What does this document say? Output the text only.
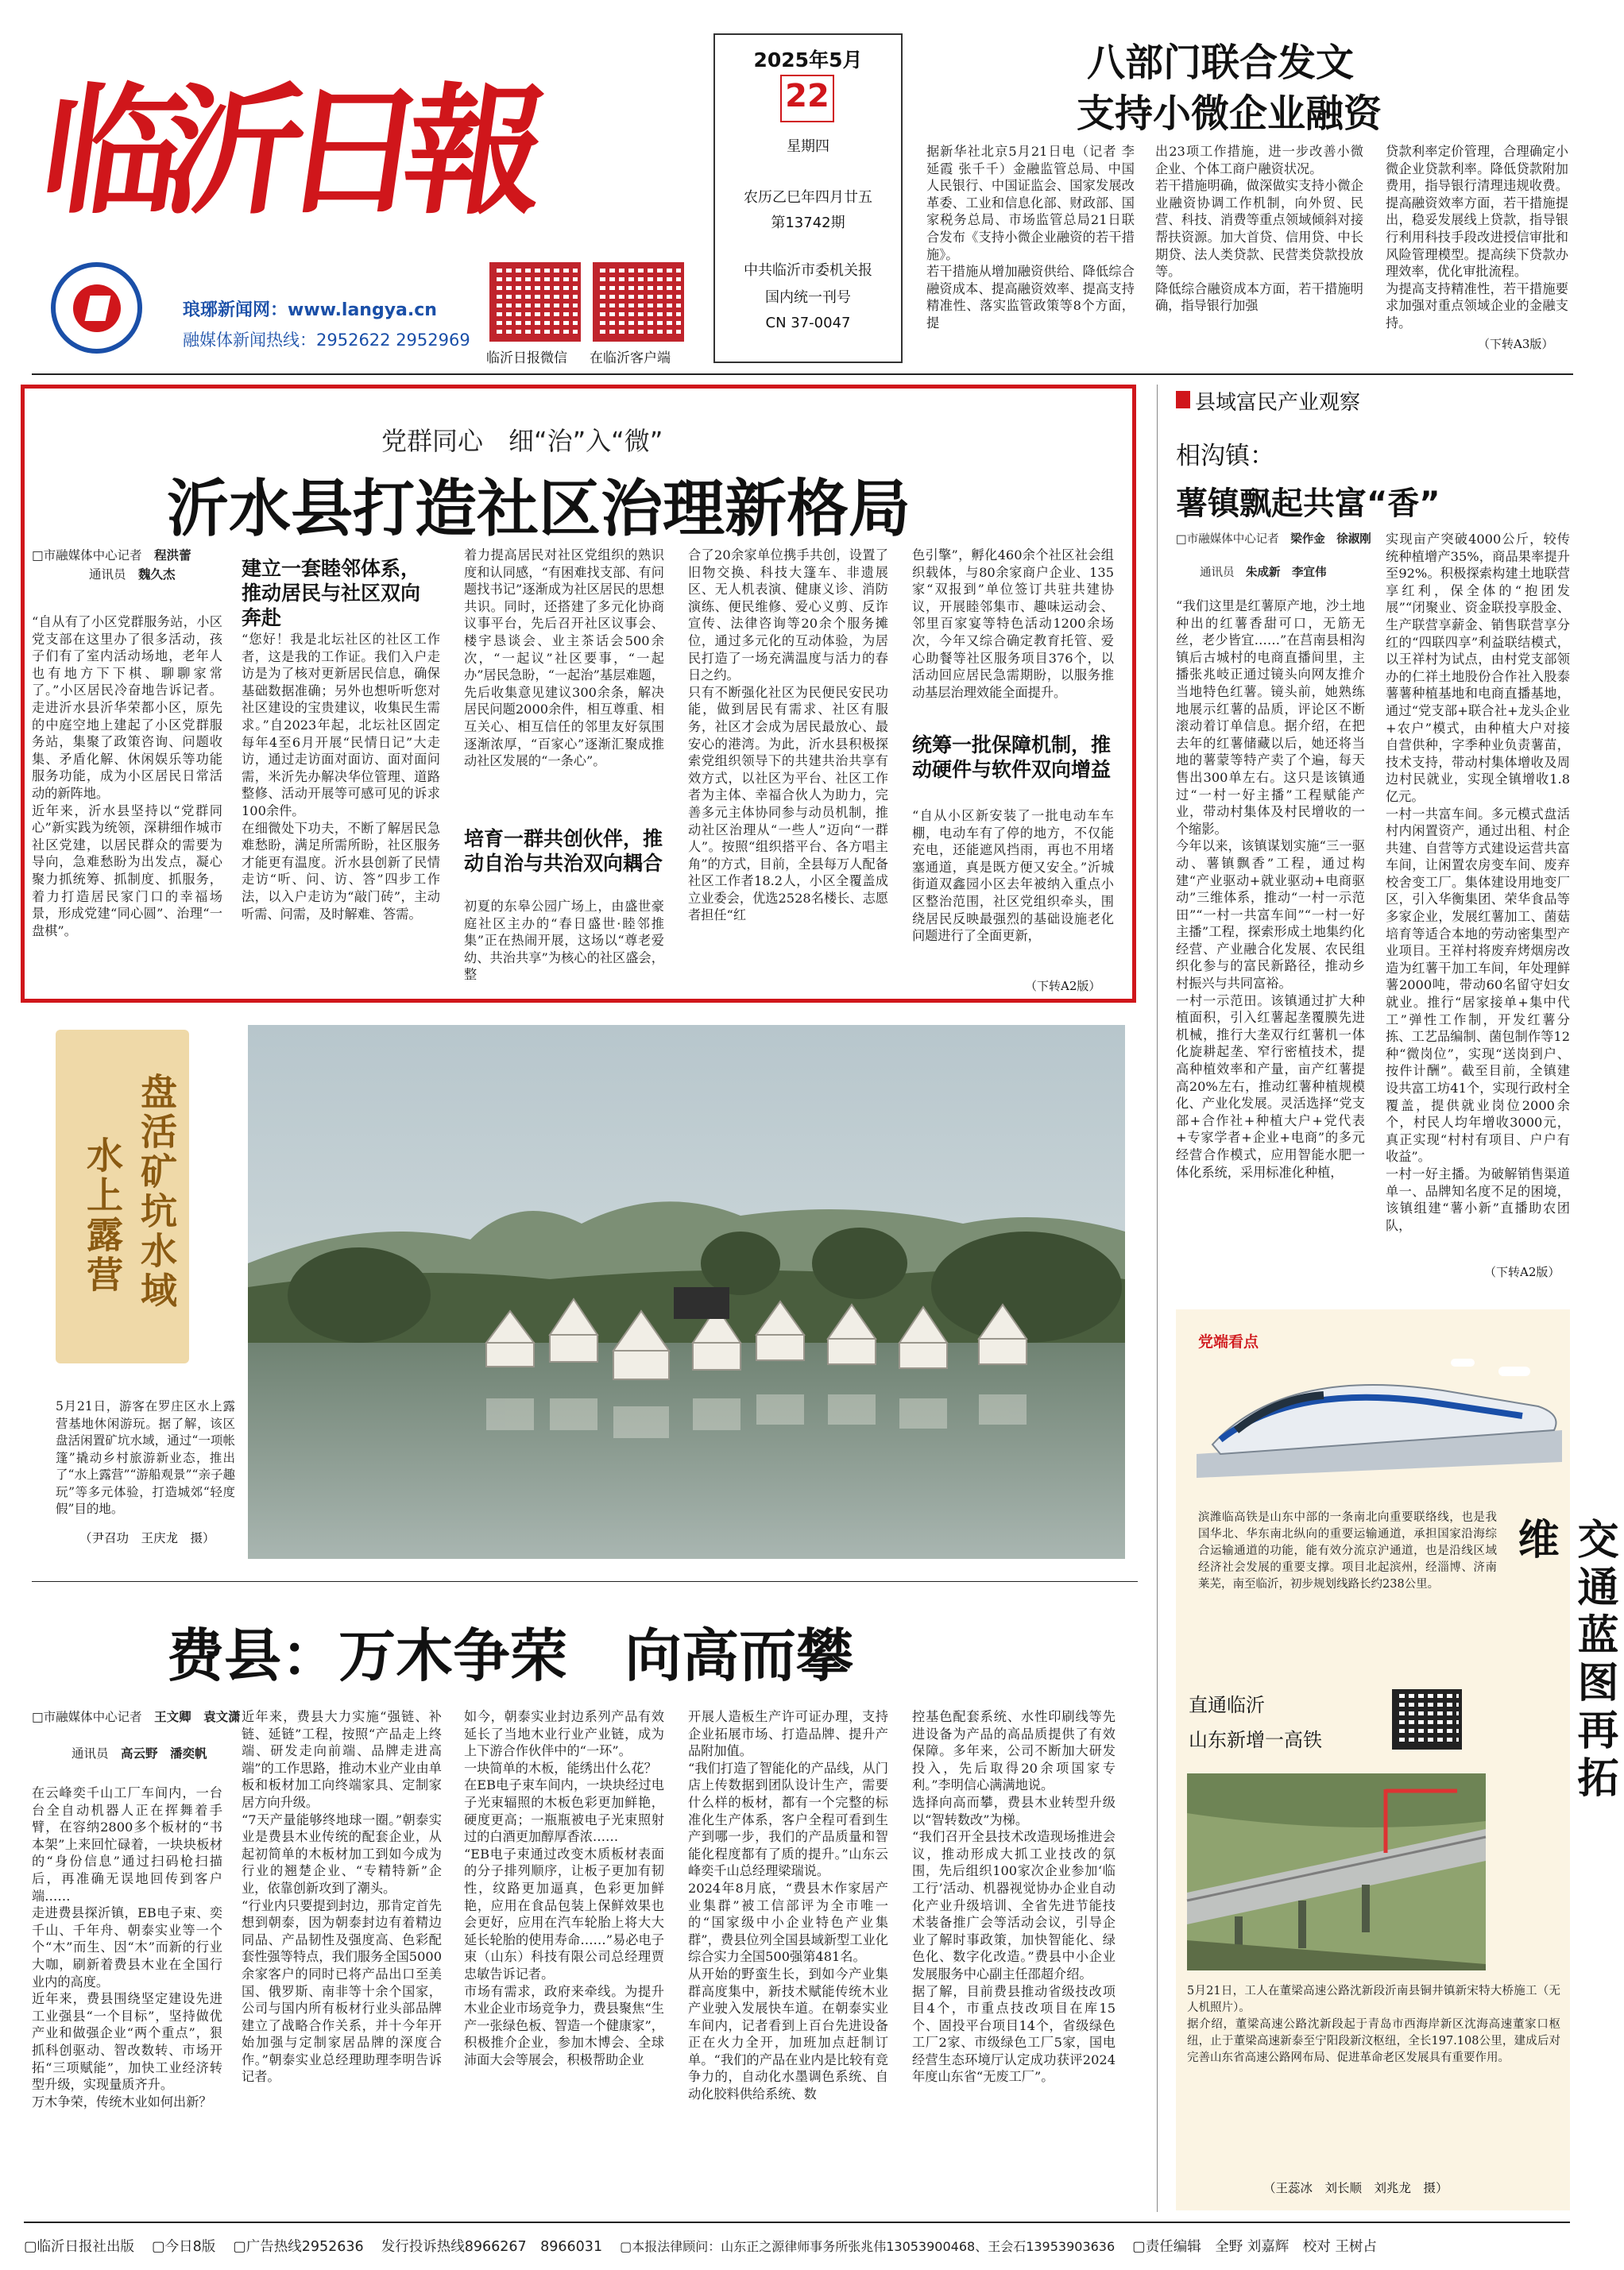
临沂日報
琅琊新闻网：www.langya.cn
融媒体新闻热线：2952622 2952969
2025年5月
22
星期四
农历乙巳年四月廿五
第13742期
中共临沂市委机关报
国内统一刊号
CN 37-0047
临沂日报微信 在临沂客户端
八部门联合发文
支持小微企业融资
据新华社北京5月21日电（记者 李延霞 张千千）金融监管总局、中国人民银行、中国证监会、国家发展改革委、工业和信息化部、财政部、国家税务总局、市场监管总局21日联合发布《支持小微企业融资的若干措施》。
若干措施从增加融资供给、降低综合融资成本、提高融资效率、提高支持精准性、落实监管政策等8个方面，提
出23项工作措施，进一步改善小微企业、个体工商户融资状况。
若干措施明确，做深做实支持小微企业融资协调工作机制，向外贸、民营、科技、消费等重点领域倾斜对接帮扶资源。加大首贷、信用贷、中长期贷、法人类贷款、民营类贷款投放等。
降低综合融资成本方面，若干措施明确，指导银行加强
贷款利率定价管理，合理确定小微企业贷款利率。降低贷款附加费用，指导银行清理违规收费。提高融资效率方面，若干措施提出，稳妥发展线上贷款，指导银行利用科技手段改进授信审批和风险管理模型。提高续下贷款办理效率，优化审批流程。
为提高支持精准性，若干措施要求加强对重点领域企业的金融支持。
（下转A3版）
党群同心　细“治”入“微”
沂水县打造社区治理新格局
□市融媒体中心记者　 程洪蕾
通讯员　 魏久杰
“自从有了小区党群服务站，小区党支部在这里办了很多活动，孩子们有了室内活动场地，老年人也有地方下下棋、聊聊家常了。”小区居民冷奋地告诉记者。走进沂水县沂华荣都小区，原先的中庭空地上建起了小区党群服务站，集聚了政策咨询、问题收集、矛盾化解、休闲娱乐等功能服务功能，成为小区居民日常活动的新阵地。
近年来，沂水县坚持以“党群同心”新实践为统领，深耕细作城市社区党建，以居民群众的需要为导向，急难愁盼为出发点，凝心聚力抓统筹、抓制度、抓服务，着力打造居民家门口的幸福场景，形成党建“同心圆”、治理“一盘棋”。
建立一套睦邻体系，推动居民与社区双向奔赴
“您好！我是北坛社区的社区工作者，这是我的工作证。我们入户走访是为了核对更新居民信息，确保基础数据准确；另外也想听听您对社区建设的宝贵建议，收集民生需求。”自2023年起，北坛社区固定每年4至6月开展“民情日记”大走访，通过走访面对面访、面对面问需，米沂先办解决华位管理、道路整修、活动开展等可感可见的诉求100余件。
在细微处下功夫，不断了解居民急难愁盼，满足所需所盼，社区服务才能更有温度。沂水县创新了民情走访“听、问、访、答”四步工作法，以入户走访为“敲门砖”，主动听需、问需，及时解难、答需。
着力提高居民对社区党组织的熟识度和认同感，“有困难找支部、有问题找书记”逐渐成为社区居民的思想共识。同时，还搭建了多元化协商议事平台，先后召开社区议事会、楼宇恳谈会、业主茶话会500余次，“一起议”社区要事，“一起办”居民急盼，“一起治”基层难题，先后收集意见建议300余条，解决居民问题2000余件，相互尊重、相互关心、相互信任的邻里友好氛围逐渐浓厚，“百家心”逐渐汇聚成推动社区发展的“一条心”。
培育一群共创伙伴，推动自治与共治双向耦合
初夏的东皋公园广场上，由盛世豪庭社区主办的“春日盛世·睦邻推集”正在热闹开展，这场以“尊老爱幼、共治共享”为核心的社区盛会，整
合了20余家单位携手共创，设置了旧物交换、科技大篷车、非遗展区、无人机表演、健康义诊、消防演练、便民维修、爱心义剪、反诈宣传、法律咨询等20余个服务摊位，通过多元化的互动体验，为居民打造了一场充满温度与活力的春日之约。
只有不断强化社区为民便民安民功能，做到居民有需求、社区有服务，社区才会成为居民最放心、最安心的港湾。为此，沂水县积极探索党组织领导下的共建共治共享有效方式，以社区为平台、社区工作者为主体、幸福合伙人为助力，完善多元主体协同参与动员机制，推动社区治理从“一些人”迈向“一群人”。按照“组织搭平台、各方唱主角”的方式，目前，全县每万人配备社区工作者18.2人，小区全覆盖成立业委会，优选2528名楼长、志愿者担任“红
色引擎”，孵化460余个社区社会组织载体，与80余家商户企业、135家“双报到”单位签订共驻共建协议，开展睦邻集市、趣味运动会、邻里百家宴等特色活动1200余场次，今年又综合确定教育托管、爱心助餐等社区服务项目376个，以活动回应居民急需期盼，以服务推动基层治理效能全面提升。
统筹一批保障机制，推动硬件与软件双向增益
“自从小区新安装了一批电动车车棚，电动车有了停的地方，不仅能充电，还能遮风挡雨，再也不用堵塞通道，真是既方便又安全。”沂城街道双鑫园小区去年被纳入重点小区整治范围，社区党组织牵头，围绕居民反映最强烈的基础设施老化问题进行了全面更新，
（下转A2版）
盘活矿坑水域
水上露营
5月21日，游客在罗庄区水上露营基地休闲游玩。据了解，该区盘活闲置矿坑水域，通过“一项帐篷”撬动乡村旅游新业态，推出了“水上露营”“游船观景”“亲子趣玩”等多元体验，打造城郊“轻度假”目的地。
（尹召功　王庆龙　摄）
费县：万木争荣　向高而攀
□市融媒体中心记者　 王文卿　袁文潇
通讯员　 高云野　潘奕帆
在云峰奕千山工厂车间内，一台台全自动机器人正在挥舞着手臂，在容纳2800多个板材的“书本架”上来回忙碌着，一块块板材的“身份信息”通过扫码枪扫描后，再准确无误地回传到客户端……
走进费县探沂镇，EB电子束、奕千山、千年舟、朝泰实业等一个个“木”而生、因“木”而新的行业大咖，刷新着费县木业在全国行业内的高度。
近年来，费县围绕坚定建设先进工业强县“一个目标”，坚持做优产业和做强企业“两个重点”，狠抓科创驱动、智改数转、市场开拓“三项赋能”，加快工业经济转型升级，实现量质齐升。
万木争荣，传统木业如何出新？
近年来，费县大力实施“强链、补链、延链”工程，按照“产品走上终端、研发走向前端、品牌走进高端”的工作思路，推动木业产业由单板和板材加工向终端家具、定制家居方向升级。
“7天产量能够终地球一圈。”朝泰实业是费县木业传统的配套企业，从起初简单的木板材加工到如今成为行业的翘楚企业、“专精特新”企业，依靠创新攻到了潮头。
“行业内只要提到封边，那肯定首先想到朝泰，因为朝泰封边有着精边同品、产品韧性及强度高、色彩配套性强等特点，我们服务全国5000余家客户的同时已将产品出口至美国、俄罗斯、南非等十余个国家，公司与国内所有板材行业头部品牌建立了战略合作关系，并十今年开始加强与定制家居品牌的深度合作。”朝泰实业总经理助理李明告诉记者。
如今，朝泰实业封边系列产品有效延长了当地木业行业产业链，成为上下游合作伙伴中的“一环”。
一块简单的木板，能绣出什么花？
在EB电子束车间内，一块块经过电子光束辐照的木板色彩更加鲜艳，硬度更高；一瓶瓶被电子光束照射过的白酒更加醇厚香浓……
“EB电子束通过改变木质板材表面的分子排列顺序，让板子更加有韧性，纹路更加逼真，色彩更加鲜艳，应用在食品包装上保鲜效果也会更好，应用在汽车轮胎上将大大延长轮胎的使用寿命……”易必电子束（山东）科技有限公司总经理贾忠敏告诉记者。
市场有需求，政府来牵线。为提升木业企业市场竞争力，费县聚焦“生产一张绿色板、智造一个健康家”，积极推介企业，参加木博会、全球沛面大会等展会，积极帮助企业
开展人造板生产许可证办理，支持企业拓展市场、打造品牌、提升产品附加值。
“我们打造了智能化的产品线，从门店上传数据到团队设计生产，需要什么样的板材，都有一个完整的标准化生产体系，客户全程可看到生产到哪一步，我们的产品质量和智能化程度都有了质的提升。”山东云峰奕千山总经理梁瑞说。
2024年8月底，“费县木作家居产业集群”被工信部评为全市唯一的“国家级中小企业特色产业集群”，费县位列全国县域新型工业化综合实力全国500强第481名。
从开始的野蛮生长，到如今产业集群高度集中，新技术赋能传统木业产业驶入发展快车道。在朝泰实业车间内，记者看到上百台先进设备正在火力全开，加班加点赶制订单。“我们的产品在业内是比较有竞争力的，自动化水墨调色系统、自动化胶料供给系统、数
控基色配套系统、水性印刷线等先进设备为产品的高品质提供了有效保障。多年来，公司不断加大研发投入，先后取得20余项国家专利。”李明信心满满地说。
选择向高而攀，费县木业转型升级以“智转数改”为梯。
“我们召开全县技术改造现场推进会议，推动形成大抓工业技改的氛围，先后组织100家次企业参加‘临工行’活动、机器视觉协办企业自动化产业升级培训、全省先进节能技术装备推广会等活动会议，引导企业了解时事政策，加快智能化、绿色化、数字化改造。”费县中小企业发展服务中心副主任邵超介绍。
据了解，目前费县推动省级技改项目4个，市重点技改项目在库15个、固投平台项目14个，省级绿色工厂2家、市级绿色工厂5家，国电经营生态环境厅认定成功获评2024年度山东省“无废工厂”。
县域富民产业观察
相沟镇：
薯镇飘起共富“香”
□市融媒体中心记者　 梁作金　徐淑刚
通讯员　 朱成新　李宜伟
“我们这里是红薯原产地，沙土地种出的红薯香甜可口，无筋无丝，老少皆宜……”在莒南县相沟镇后古城村的电商直播间里，主播张兆岐正通过镜头向网友推介当地特色红薯。镜头前，她熟练地展示红薯的品质，评论区不断滚动着订单信息。据介绍，在把去年的红薯储藏以后，她还将当地的薯蒙等特产卖了个遍，每天售出300单左右。这只是该镇通过“一村一好主播”工程赋能产业，带动村集体及村民增收的一个缩影。
今年以来，该镇谋划实施“三一驱动、薯镇飘香”工程，通过构建“产业驱动+就业驱动+电商驱动”三维体系，推动“一村一示范田”“一村一共富车间”“一村一好主播”工程，探索形成土地集约化经营、产业融合化发展、农民组织化参与的富民新路径，推动乡村振兴与共同富裕。
一村一示范田。该镇通过扩大种植面积，引入红薯起垄覆膜先进机械，推行大垄双行红薯机一体化旋耕起垄、窄行密植技术，提高种植效率和产量，亩产红薯提高20%左右，推动红薯种植规模化、产业化发展。灵活选择“党支部+合作社+种植大户+党代表+专家学者+企业+电商”的多元经营合作模式，应用智能水肥一体化系统，采用标准化种植，
实现亩产突破4000公斤，较传统种植增产35%，商品果率提升至92%。积极探索构建土地联营享红利，保全体的“抱团发展”“闭聚业、资金联投享股金、生产联营享薪金、销售联营享分红的“四联四享”利益联结模式，以王祥村为试点，由村党支部领办的仁祥土地股份合作社入股泰薯薯种植基地和电商直播基地，通过“党支部+联合社+龙头企业+农户”模式，由种植大户对接自营供种，字季种业负责薯苗，技术支持，带动村集体增收及周边村民就业，实现全镇增收1.8亿元。
一村一共富车间。多元模式盘活村内闲置资产，通过出租、村企共建、自营等方式建设运营共富车间，让闲置农房变车间、废弃校舍变工厂。集体建设用地变厂区，引入华衡集团、荣华食品等多家企业，发展红薯加工、菌菇培育等适合本地的劳动密集型产业项目。王祥村将废弃烤烟房改造为红薯干加工车间，年处理鲜薯2000吨，带动60名留守妇女就业。推行“居家接单+集中代工”弹性工作制，开发红薯分拣、工艺品编制、菌包制作等12种“微岗位”，实现“送岗到户、按件计酬”。截至目前，全镇建设共富工坊41个，实现行政村全覆盖，提供就业岗位2000余个，村民人均年增收3000元，真正实现“村村有项目、户户有收益”。
一村一好主播。为破解销售渠道单一、品牌知名度不足的困境，该镇组建“薯小新”直播助农团队，
（下转A2版）
党端看点
滨潍临高铁是山东中部的一条南北向重要联络线，也是我国华北、华东南北纵向的重要运输通道，承担国家沿海综合运输通道的功能，能有效分流京沪通道，也是沿线区域经济社会发展的重要支撑。项目北起滨州，经淄博、济南莱芜，南至临沂，初步规划线路长约238公里。
直通临沂
山东新增一高铁	交通蓝图再拓维
5月21日，工人在董梁高速公路沈新段沂南县铜井镇新宋特大桥施工（无人机照片）。
据介绍，董梁高速公路沈新段起于青岛市西海岸新区沈海高速董家口枢纽，止于董梁高速新泰至宁阳段新汶枢纽，全长197.108公里，建成后对完善山东省高速公路网布局、促进革命老区发展具有重要作用。
（王蕊冰　刘长顺　刘兆龙　摄）
▢临沂日报社出版 ▢今日8版 ▢广告热线2952636 发行投诉热线8966267　8966031 ▢本报法律顾问：山东正之源律师事务所张兆伟13053900468、王会石13953903636 ▢责任编辑　全野 刘嘉辉　校对 王树占
